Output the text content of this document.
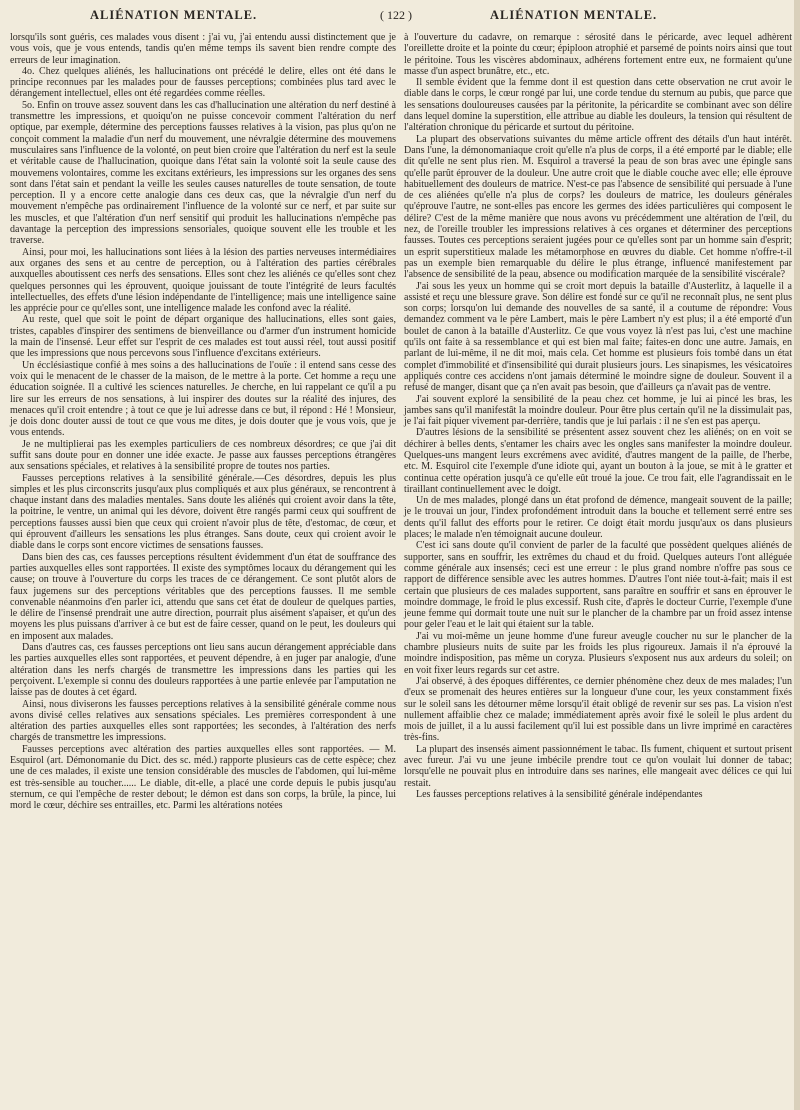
ALIÉNATION MENTALE.	( 122 )	ALIÉNATION MENTALE.

lorsqu'ils sont guéris, ces malades vous disent : j'ai vu, j'ai entendu aussi distinctement que je vous vois, que je vous entends, tandis qu'en même temps ils savent bien rendre compte des erreurs de leur imagination.

4o. Chez quelques aliénés, les hallucinations ont précédé le delire, elles ont été dans le principe reconnues par les malades pour de fausses perceptions; combinées plus tard avec le dérangement intellectuel, elles ont été regardées comme réelles.

5o. Enfin on trouve assez souvent dans les cas d'hallucination une altération du nerf destiné à transmettre les impressions, et quoiqu'on ne puisse concevoir comment l'altération du nerf optique, par exemple, détermine des perceptions fausses relatives à la vision, pas plus qu'on ne conçoit comment la maladie d'un nerf du mouvement, une névralgie détermine des mouvemens musculaires sans l'influence de la volonté, on peut bien croire que l'altération du nerf est la seule et véritable cause de l'hallucination, quoique dans l'état sain la volonté soit la seule cause des mouvemens volontaires, comme les excitans extérieurs, les impressions sur les organes des sens sont dans l'état sain et pendant la veille les seules causes naturelles de toute sensation, de toute perception. Il y a encore cette analogie dans ces deux cas, que la névralgie d'un nerf du mouvement n'empêche pas ordinairement l'influence de la volonté sur ce nerf, et par suite sur les muscles, et que l'altération d'un nerf sensitif qui produit les hallucinations n'empêche pas davantage la perception des impressions sensoriales, quoique souvent elle les trouble et les traverse.

Ainsi, pour moi, les hallucinations sont liées à la lésion des parties nerveuses intermédiaires aux organes des sens et au centre de perception, ou à l'altération des parties cérébrales auxquelles aboutissent ces nerfs des sensations. Elles sont chez les aliénés ce qu'elles sont chez quelques personnes qui les éprouvent, quoique jouissant de toute l'intégrité de leurs facultés intellectuelles, des effets d'une lésion indépendante de l'intelligence; mais une intelligence saine les apprécie pour ce qu'elles sont, une intelligence malade les confond avec la réalité.

Au reste, quel que soit le point de départ organique des hallucinations, elles sont gaies, tristes, capables d'inspirer des sentimens de bienveillance ou d'armer d'un instrument homicide la main de l'insensé. Leur effet sur l'esprit de ces malades est tout aussi réel, tout aussi positif que les impressions que nous percevons sous l'influence d'excitans extérieurs.

Un écclésiastique confié à mes soins a des hallucinations de l'ouïe : il entend sans cesse des voix qui le menacent de le chasser de la maison, de le mettre à la porte. Cet homme a reçu une éducation soignée. Il a cultivé les sciences naturelles. Je cherche, en lui rappelant ce qu'il a pu lire sur les erreurs de nos sensations, à lui inspirer des doutes sur la réalité des injures, des menaces qu'il croit entendre ; à tout ce que je lui adresse dans ce but, il répond : Hé ! Monsieur, je dois donc douter aussi de tout ce que vous me dites, je dois douter que je vous vois, que je vous entends.

Je ne multiplierai pas les exemples particuliers de ces nombreux désordres; ce que j'ai dit suffit sans doute pour en donner une idée exacte. Je passe aux fausses perceptions étrangères aux sensations spéciales, et relatives à la sensibilité propre de toutes nos parties.

Fausses perceptions relatives à la sensibilité générale.—Ces désordres, depuis les plus simples et les plus circonscrits jusqu'aux plus compliqués et aux plus généraux, se rencontrent à chaque instant dans des maladies mentales. Sans doute les aliénés qui croient avoir dans la tête, la poitrine, le ventre, un animal qui les dévore, doivent être rangés parmi ceux qui souffrent de perceptions fausses aussi bien que ceux qui croient n'avoir plus de tête, d'estomac, de cœur, et qui éprouvent d'ailleurs les sensations les plus étranges. Sans doute, ceux qui croient avoir le diable dans le corps sont encore victimes de sensations fausses.

Dans bien des cas, ces fausses perceptions résultent évidemment d'un état de souffrance des parties auxquelles elles sont rapportées. Il existe des symptômes locaux du dérangement qui les cause; on trouve à l'ouverture du corps les traces de ce dérangement. Ce sont plutôt alors de faux jugemens sur des perceptions véritables que des perceptions fausses. Il me semble convenable néanmoins d'en parler ici, attendu que sans cet état de douleur de quelques parties, le délire de l'insensé prendrait une autre direction, pourrait plus aisément s'apaiser, et qu'un des moyens les plus puissans d'arriver à ce but est de faire cesser, quand on le peut, les douleurs qui en imposent aux malades.

Dans d'autres cas, ces fausses perceptions ont lieu sans aucun dérangement appréciable dans les parties auxquelles elles sont rapportées, et peuvent dépendre, à en juger par analogie, d'une altération dans les nerfs chargés de transmettre les impressions dans les parties qui les perçoivent. L'exemple si connu des douleurs rapportées à une partie enlevée par l'amputation ne laisse pas de doutes à cet égard.

Ainsi, nous diviserons les fausses perceptions relatives à la sensibilité générale comme nous avons divisé celles relatives aux sensations spéciales. Les premières correspondent à une altération des parties auxquelles elles sont rapportées; les secondes, à l'altération des nerfs chargés de transmettre les impressions.

Fausses perceptions avec altération des parties auxquelles elles sont rapportées. — M. Esquirol (art. Démonomanie du Dict. des sc. méd.) rapporte plusieurs cas de cette espèce; chez une de ces malades, il existe une tension considérable des muscles de l'abdomen, qui lui-même est très-sensible au toucher...... Le diable, dit-elle, a placé une corde depuis le pubis jusqu'au sternum, ce qui l'empêche de rester debout; le démon est dans son corps, la brûle, la pince, lui mord le cœur, déchire ses entrailles, etc. Parmi les altérations notées

à l'ouverture du cadavre, on remarque : sérosité dans le péricarde, avec lequel adhèrent l'oreillette droite et la pointe du cœur; épiploon atrophié et parsemé de points noirs ainsi que tout le péritoine. Tous les viscères abdominaux, adhérens fortement entre eux, ne formaient qu'une masse d'un aspect brunâtre, etc., etc.

Il semble évident que la femme dont il est question dans cette observation ne crut avoir le diable dans le corps, le cœur rongé par lui, une corde tendue du sternum au pubis, que parce que les sensations douloureuses causées par la péritonite, la péricardite se combinant avec son délire dans lequel domine la superstition, elle attribue au diable les douleurs, la tension qui résultent de l'altération chronique du péricarde et surtout du péritoine.

La plupart des observations suivantes du même article offrent des détails d'un haut intérêt. Dans l'une, la démonomaniaque croit qu'elle n'a plus de corps, il a été emporté par le diable; elle dit qu'elle ne sent plus rien. M. Esquirol a traversé la peau de son bras avec une épingle sans qu'elle parût éprouver de la douleur. Une autre croit que le diable couche avec elle; elle éprouve habituellement des douleurs de matrice. N'est-ce pas l'absence de sensibilité qui persuade à l'une de ces aliénées qu'elle n'a plus de corps? les douleurs de matrice, les douleurs générales qu'éprouve l'autre, ne sont-elles pas encore les germes des idées particulières qui composent le délire? C'est de la même manière que nous avons vu précédemment une altération de l'œil, du nez, de l'oreille troubler les impressions relatives à ces organes et déterminer des perceptions fausses. Toutes ces perceptions seraient jugées pour ce qu'elles sont par un homme sain d'esprit; un esprit superstitieux malade les métamorphose en œuvres du diable. Cet homme n'offre-t-il pas un exemple bien remarquable du délire le plus étrange, influencé manifestement par l'absence de sensibilité de la peau, absence ou modification marquée de la sensibilité viscérale?

J'ai sous les yeux un homme qui se croit mort depuis la bataille d'Austerlitz, à laquelle il a assisté et reçu une blessure grave. Son délire est fondé sur ce qu'il ne reconnaît plus, ne sent plus son corps; lorsqu'on lui demande des nouvelles de sa santé, il a coutume de répondre: Vous demandez comment va le père Lambert, mais le père Lambert n'y est plus; il a été emporté d'un boulet de canon à la bataille d'Austerlitz. Ce que vous voyez là n'est pas lui, c'est une machine qu'ils ont faite à sa ressemblance et qui est bien mal faite; faites-en donc une autre. Jamais, en parlant de lui-même, il ne dit moi, mais cela. Cet homme est plusieurs fois tombé dans un état complet d'immobilité et d'insensibilité qui durait plusieurs jours. Les sinapismes, les vésicatoires appliqués contre ces accidens n'ont jamais déterminé le moindre signe de douleur. Souvent il a refusé de manger, disant que ça n'en avait pas besoin, que d'ailleurs ça n'avait pas de ventre.

J'ai souvent exploré la sensibilité de la peau chez cet homme, je lui ai pincé les bras, les jambes sans qu'il manifestât la moindre douleur. Pour être plus certain qu'il ne la dissimulait pas, je l'ai fait piquer vivement par-derrière, tandis que je lui parlais : il ne s'en est pas aperçu.

D'autres lésions de la sensibilité se présentent assez souvent chez les aliénés; on en voit se déchirer à belles dents, s'entamer les chairs avec les ongles sans manifester la moindre douleur. Quelques-uns mangent leurs excrémens avec avidité, d'autres mangent de la paille, de l'herbe, etc. M. Esquirol cite l'exemple d'une idiote qui, ayant un bouton à la joue, se mit à le gratter et continua cette opération jusqu'à ce qu'elle eût troué la joue. Ce trou fait, elle l'agrandissait en le tiraillant continuellement avec le doigt.

Un de mes malades, plongé dans un état profond de démence, mangeait souvent de la paille; je le trouvai un jour, l'index profondément introduit dans la bouche et tellement serré entre ses dents qu'il fallut des efforts pour le retirer. Ce doigt était mordu jusqu'aux os dans plusieurs places; le malade n'en témoignait aucune douleur.

C'est ici sans doute qu'il convient de parler de la faculté que possèdent quelques aliénés de supporter, sans en souffrir, les extrêmes du chaud et du froid. Quelques auteurs l'ont alléguée comme générale aux insensés; ceci est une erreur : le plus grand nombre n'offre pas sous ce rapport de différence sensible avec les autres hommes. D'autres l'ont niée tout-à-fait; mais il est certain que plusieurs de ces malades supportent, sans paraître en souffrir et sans en éprouver le moindre dommage, le froid le plus excessif. Rush cite, d'après le docteur Currie, l'exemple d'une jeune femme qui dormait toute une nuit sur le plancher de la chambre par un froid assez intense pour geler l'eau et le lait qui étaient sur la table.

J'ai vu moi-même un jeune homme d'une fureur aveugle coucher nu sur le plancher de la chambre plusieurs nuits de suite par les froids les plus rigoureux. Jamais il n'a éprouvé la moindre indisposition, pas même un coryza. Plusieurs s'exposent nus aux ardeurs du soleil; on en voit fixer leurs regards sur cet astre.

J'ai observé, à des époques différentes, ce dernier phénomène chez deux de mes malades; l'un d'eux se promenait des heures entières sur la longueur d'une cour, les yeux constamment fixés sur le soleil sans les détourner même lorsqu'il était obligé de revenir sur ses pas. La vision n'est nullement affaiblie chez ce malade; immédiatement après avoir fixé le soleil le plus ardent du mois de juillet, il a lu aussi facilement qu'il lui est possible dans un livre imprimé en caractères très-fins.

La plupart des insensés aiment passionnément le tabac. Ils fument, chiquent et surtout prisent avec fureur. J'ai vu une jeune imbécile prendre tout ce qu'on voulait lui donner de tabac; lorsqu'elle ne pouvait plus en introduire dans ses narines, elle mangeait avec délices ce qui lui restait.

Les fausses perceptions relatives à la sensibilité générale indépendantes
